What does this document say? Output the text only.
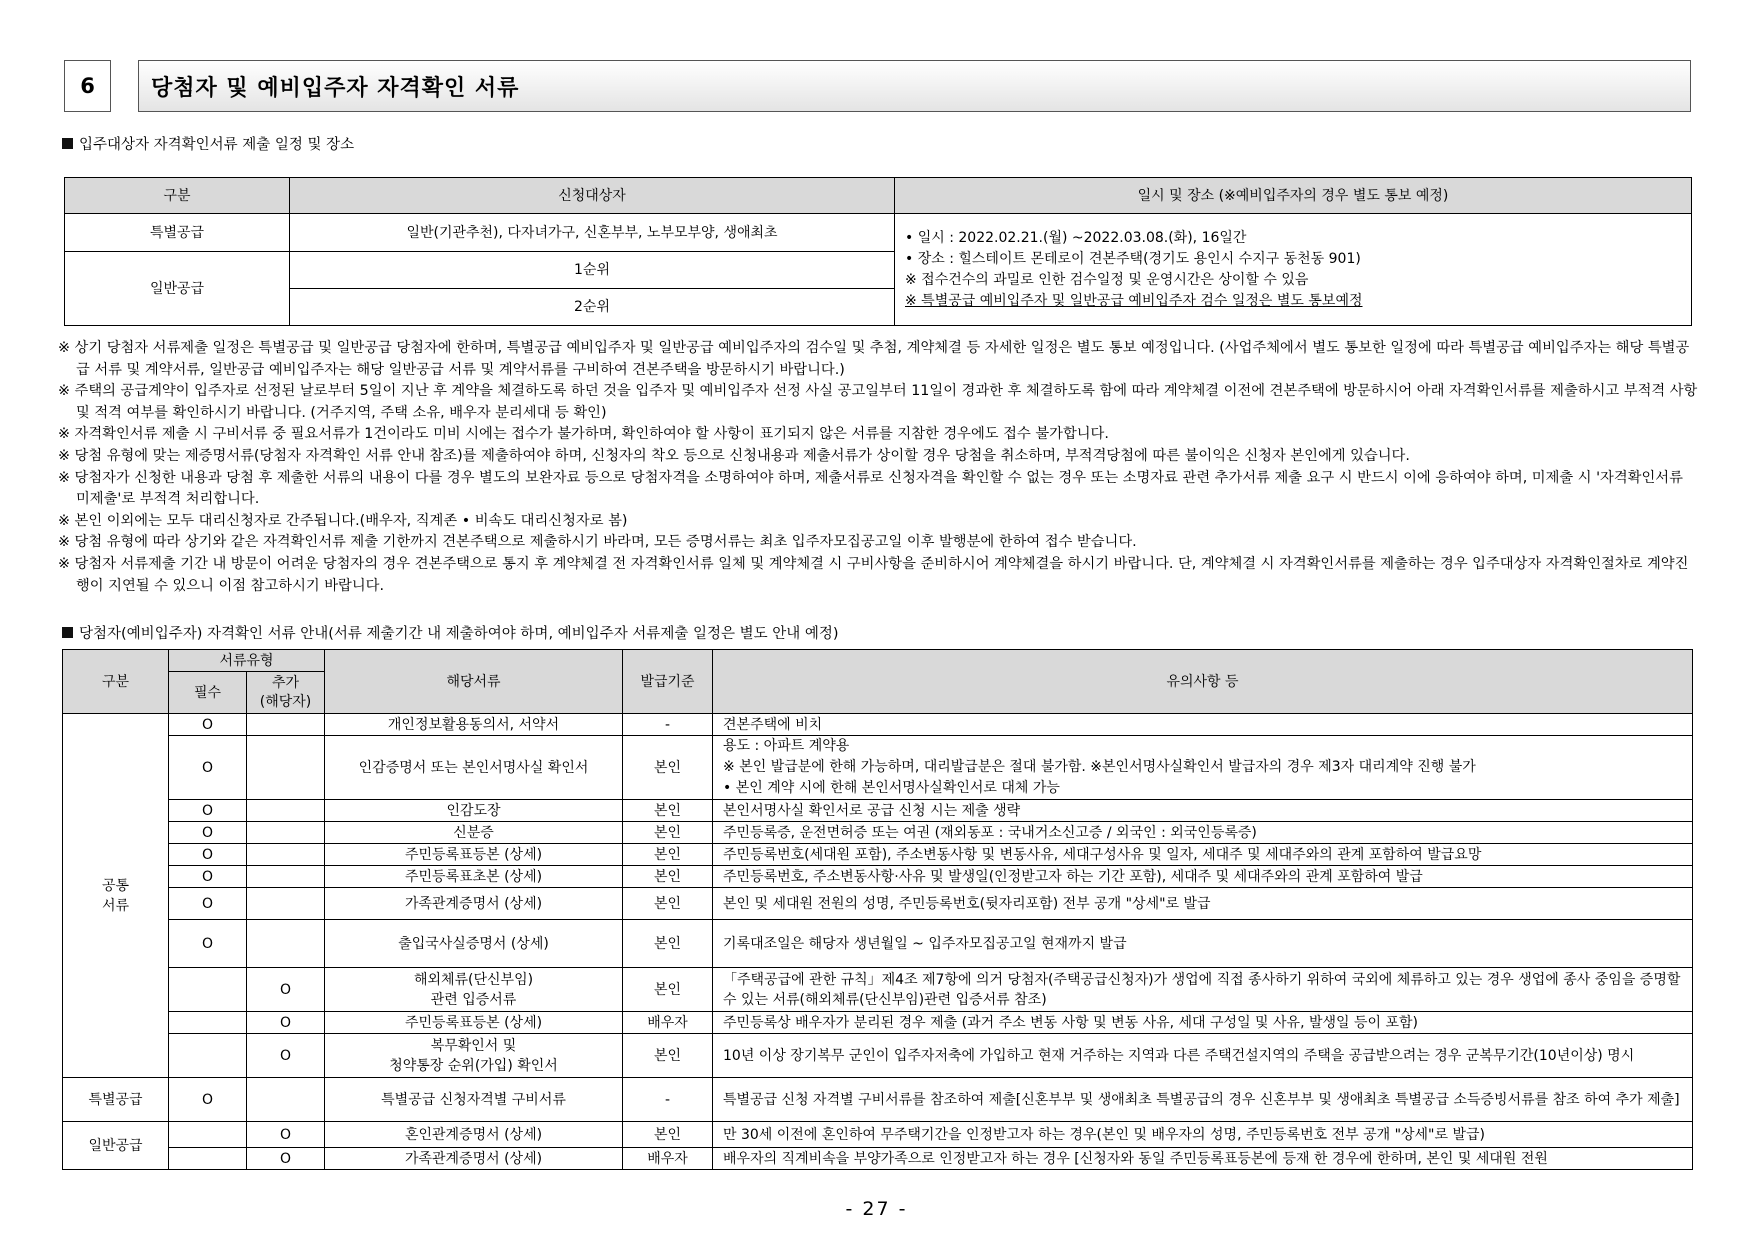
6	당첨자 및 예비입주자 자격확인 서류
입주대상자 자격확인서류 제출 일정 및 장소
구분	신청대상자	일시 및 장소 (※예비입주자의 경우 별도 통보 예정)
특별공급	일반(기관추천), 다자녀가구, 신혼부부, 노부모부양, 생애최초	• 일시 : 2022.02.21.(월) ~2022.03.08.(화), 16일간
• 장소 : 힐스테이트 몬테로이 견본주택(경기도 용인시 수지구 동천동 901)
※ 접수건수의 과밀로 인한 검수일정 및 운영시간은 상이할 수 있음
※ 특별공급 예비입주자 및 일반공급 예비입주자 검수 일정은 별도 통보예정

일반공급	1순위	
	2순위	

※ 상기 당첨자 서류제출 일정은 특별공급 및 일반공급 당첨자에 한하며, 특별공급 예비입주자 및 일반공급 예비입주자의 검수일 및 추첨, 계약체결 등 자세한 일정은 별도 통보 예정입니다. (사업주체에서 별도 통보한 일정에 따라 특별공급 예비입주자는 해당 특별공급 서류 및 계약서류, 일반공급 예비입주자는 해당 일반공급 서류 및 계약서류를 구비하여 견본주택을 방문하시기 바랍니다.)

※ 주택의 공급계약이 입주자로 선정된 날로부터 5일이 지난 후 계약을 체결하도록 하던 것을 입주자 및 예비입주자 선정 사실 공고일부터 11일이 경과한 후 체결하도록 함에 따라 계약체결 이전에 견본주택에 방문하시어 아래 자격확인서류를 제출하시고 부적격 사항 및 적격 여부를 확인하시기 바랍니다. (거주지역, 주택 소유, 배우자 분리세대 등 확인)

※ 자격확인서류 제출 시 구비서류 중 필요서류가 1건이라도 미비 시에는 접수가 불가하며, 확인하여야 할 사항이 표기되지 않은 서류를 지참한 경우에도 접수 불가합니다.

※ 당첨 유형에 맞는 제증명서류(당첨자 자격확인 서류 안내 참조)를 제출하여야 하며, 신청자의 착오 등으로 신청내용과 제출서류가 상이할 경우 당첨을 취소하며, 부적격당첨에 따른 불이익은 신청자 본인에게 있습니다.

※ 당첨자가 신청한 내용과 당첨 후 제출한 서류의 내용이 다를 경우 별도의 보완자료 등으로 당첨자격을 소명하여야 하며, 제출서류로 신청자격을 확인할 수 없는 경우 또는 소명자료 관련 추가서류 제출 요구 시 반드시 이에 응하여야 하며, 미제출 시 '자격확인서류 미제출'로 부적격 처리합니다.

※ 본인 이외에는 모두 대리신청자로 간주됩니다.(배우자, 직계존 • 비속도 대리신청자로 봄)

※ 당첨 유형에 따라 상기와 같은 자격확인서류 제출 기한까지 견본주택으로 제출하시기 바라며, 모든 증명서류는 최초 입주자모집공고일 이후 발행분에 한하여 접수 받습니다.

※ 당첨자 서류제출 기간 내 방문이 어려운 당첨자의 경우 견본주택으로 통지 후 계약체결 전 자격확인서류 일체 및 계약체결 시 구비사항을 준비하시어 계약체결을 하시기 바랍니다. 단, 계약체결 시 자격확인서류를 제출하는 경우 입주대상자 자격확인절차로 계약진행이 지연될 수 있으니 이점 참고하시기 바랍니다.

당첨자(예비입주자) 자격확인 서류 안내(서류 제출기간 내 제출하여야 하며, 예비입주자 서류제출 일정은 별도 안내 예정)
구분	서류유형		해당서류	발급기준	유의사항 등
	필수	추가
(해당자)			
공통
서류	O		개인정보활용동의서, 서약서	-	견본주택에 비치
	O		인감증명서 또는 본인서명사실 확인서	본인	용도 : 아파트 계약용
※ 본인 발급분에 한해 가능하며, 대리발급분은 절대 불가함. ※본인서명사실확인서 발급자의 경우 제3자 대리계약 진행 불가
• 본인 계약 시에 한해 본인서명사실확인서로 대체 가능
	O		인감도장	본인	본인서명사실 확인서로 공급 신청 시는 제출 생략
	O		신분증	본인	주민등록증, 운전면허증 또는 여권 (재외동포 : 국내거소신고증 / 외국인 : 외국인등록증)
	O		주민등록표등본 (상세)	본인	주민등록번호(세대원 포함), 주소변동사항 및 변동사유, 세대구성사유 및 일자, 세대주 및 세대주와의 관계 포함하여 발급요망
	O		주민등록표초본 (상세)	본인	주민등록번호, 주소변동사항·사유 및 발생일(인정받고자 하는 기간 포함), 세대주 및 세대주와의 관계 포함하여 발급
	O		가족관계증명서 (상세)	본인	본인 및 세대원 전원의 성명, 주민등록번호(뒷자리포함) 전부 공개 "상세"로 발급
	O		출입국사실증명서 (상세)	본인	기록대조일은 해당자 생년월일 ~ 입주자모집공고일 현재까지 발급
		O	해외체류(단신부임)
관련 입증서류	본인	「주택공급에 관한 규칙」제4조 제7항에 의거 당첨자(주택공급신청자)가 생업에 직접 종사하기 위하여 국외에 체류하고 있는 경우 생업에 종사 중임을 증명할 수 있는 서류(해외체류(단신부임)관련 입증서류 참조)
		O	주민등록표등본 (상세)	배우자	주민등록상 배우자가 분리된 경우 제출 (과거 주소 변동 사항 및 변동 사유, 세대 구성일 및 사유, 발생일 등이 포함)
		O	복무확인서 및
청약통장 순위(가입) 확인서	본인	10년 이상 장기복무 군인이 입주자저축에 가입하고 현재 거주하는 지역과 다른 주택건설지역의 주택을 공급받으려는 경우 군복무기간(10년이상) 명시
특별공급	O		특별공급 신청자격별 구비서류	-	특별공급 신청 자격별 구비서류를 참조하여 제출[신혼부부 및 생애최초 특별공급의 경우 신혼부부 및 생애최초 특별공급 소득증빙서류를 참조 하여 추가 제출]
일반공급		O	혼인관계증명서 (상세)	본인	만 30세 이전에 혼인하여 무주택기간을 인정받고자 하는 경우(본인 및 배우자의 성명, 주민등록번호 전부 공개 "상세"로 발급)
		O	가족관계증명서 (상세)	배우자	배우자의 직계비속을 부양가족으로 인정받고자 하는 경우 [신청자와 동일 주민등록표등본에 등재 한 경우에 한하며, 본인 및 세대원 전원
- 27 -
